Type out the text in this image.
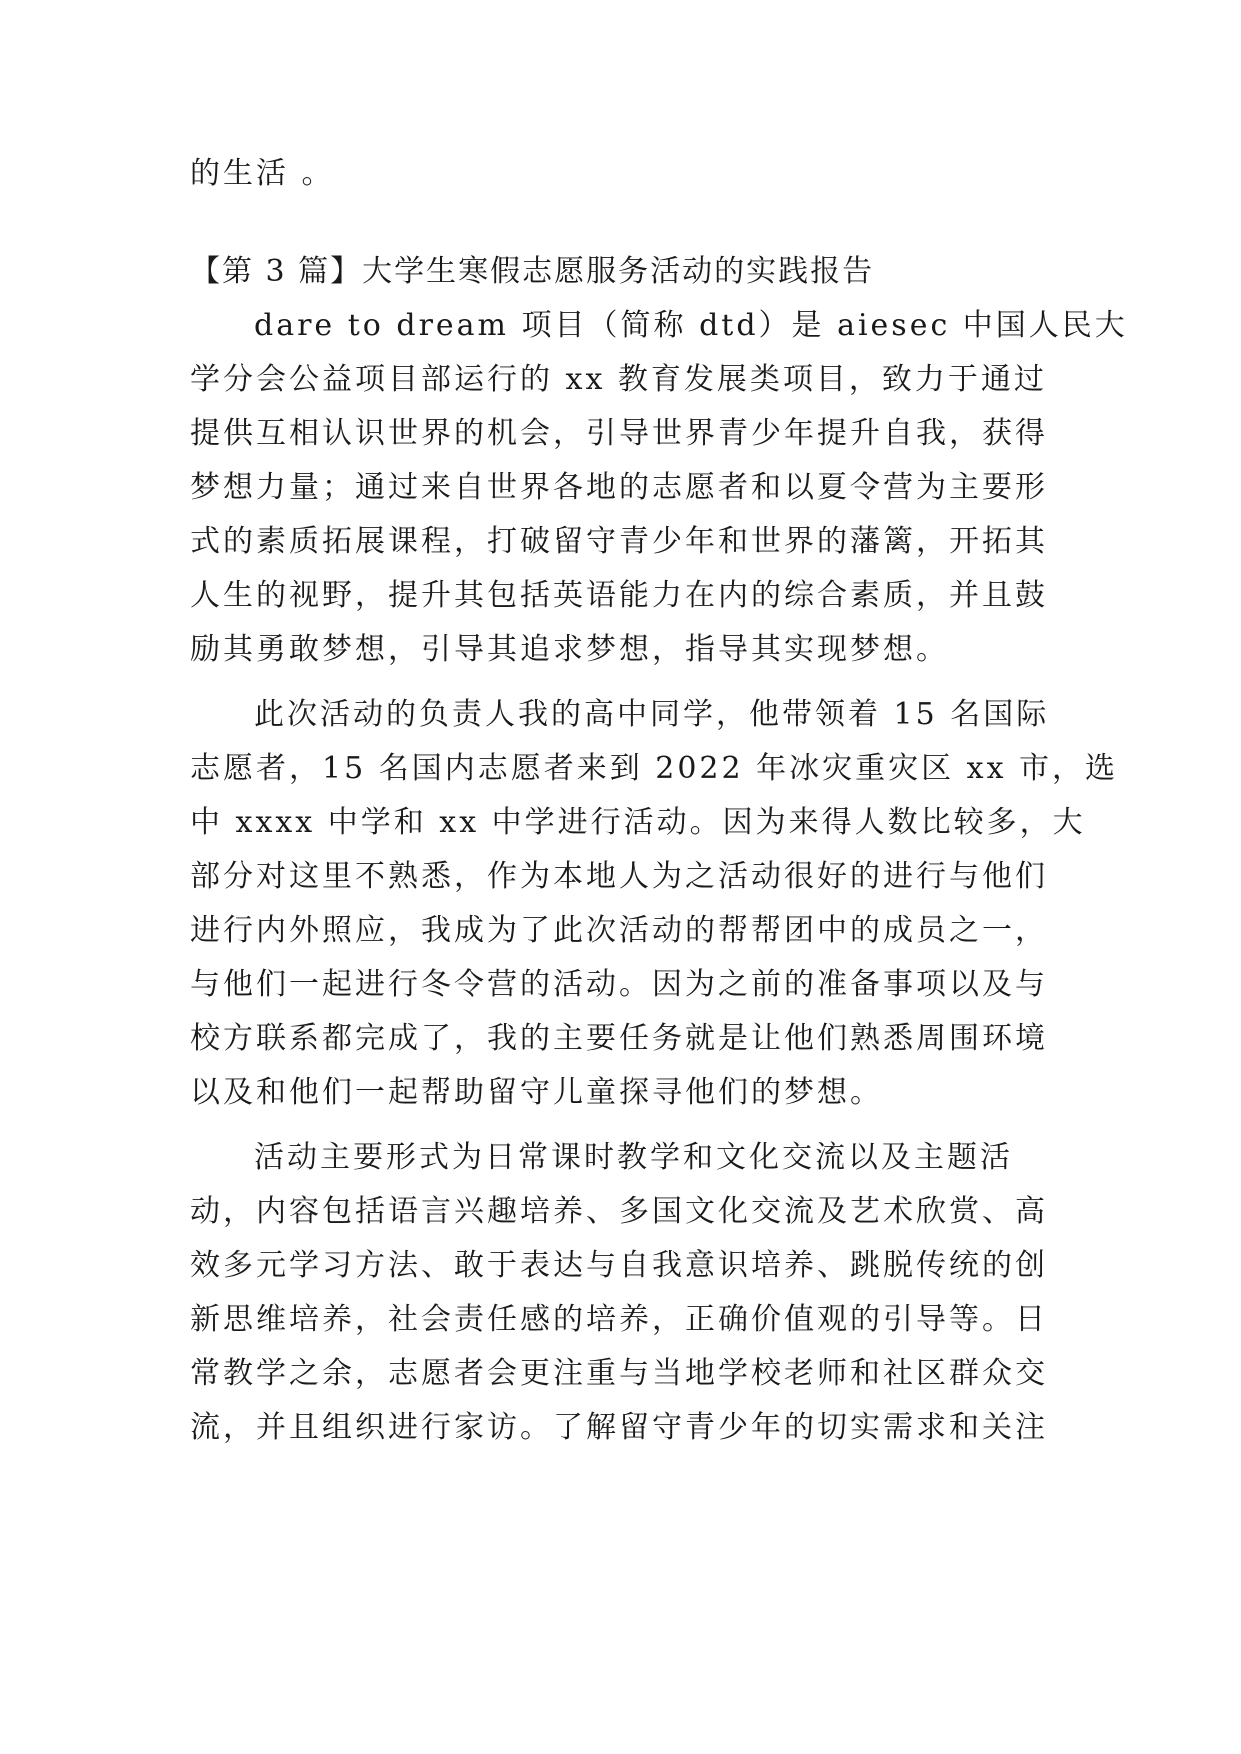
的生活 。

【第 3 篇】大学生寒假志愿服务活动的实践报告

dare to dream 项目（简称 dtd）是 aiesec 中国人民大

学分会公益项目部运行的 xx 教育发展类项目，致力于通过

提供互相认识世界的机会，引导世界青少年提升自我，获得

梦想力量；通过来自世界各地的志愿者和以夏令营为主要形

式的素质拓展课程，打破留守青少年和世界的藩篱，开拓其

人生的视野，提升其包括英语能力在内的综合素质，并且鼓

励其勇敢梦想，引导其追求梦想，指导其实现梦想。

此次活动的负责人我的高中同学，他带领着 15 名国际

志愿者，15 名国内志愿者来到 2022 年冰灾重灾区 xx 市，选

中 xxxx 中学和 xx 中学进行活动。因为来得人数比较多，大

部分对这里不熟悉，作为本地人为之活动很好的进行与他们

进行内外照应，我成为了此次活动的帮帮团中的成员之一，

与他们一起进行冬令营的活动。因为之前的准备事项以及与

校方联系都完成了，我的主要任务就是让他们熟悉周围环境

以及和他们一起帮助留守儿童探寻他们的梦想。

活动主要形式为日常课时教学和文化交流以及主题活

动，内容包括语言兴趣培养、多国文化交流及艺术欣赏、高

效多元学习方法、敢于表达与自我意识培养、跳脱传统的创

新思维培养，社会责任感的培养，正确价值观的引导等。日

常教学之余，志愿者会更注重与当地学校老师和社区群众交

流，并且组织进行家访。了解留守青少年的切实需求和关注
